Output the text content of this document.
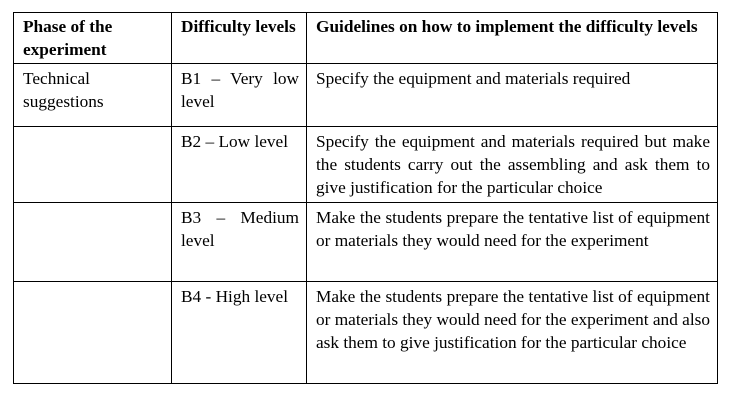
Phase of the experiment	Difficulty levels	Guidelines on how to implement the difficulty levels
Technical suggestions	B1 – Very low level	Specify the equipment and materials required
	B2 – Low level	Specify the equipment and materials required but make the students carry out the assembling and ask them to give justification for the particular choice
	B3 – Medium level	Make the students prepare the tentative list of equipment or materials they would need for the experiment
	B4 - High level	Make the students prepare the tentative list of equipment or materials they would need for the experiment and also ask them to give justification for the particular choice
